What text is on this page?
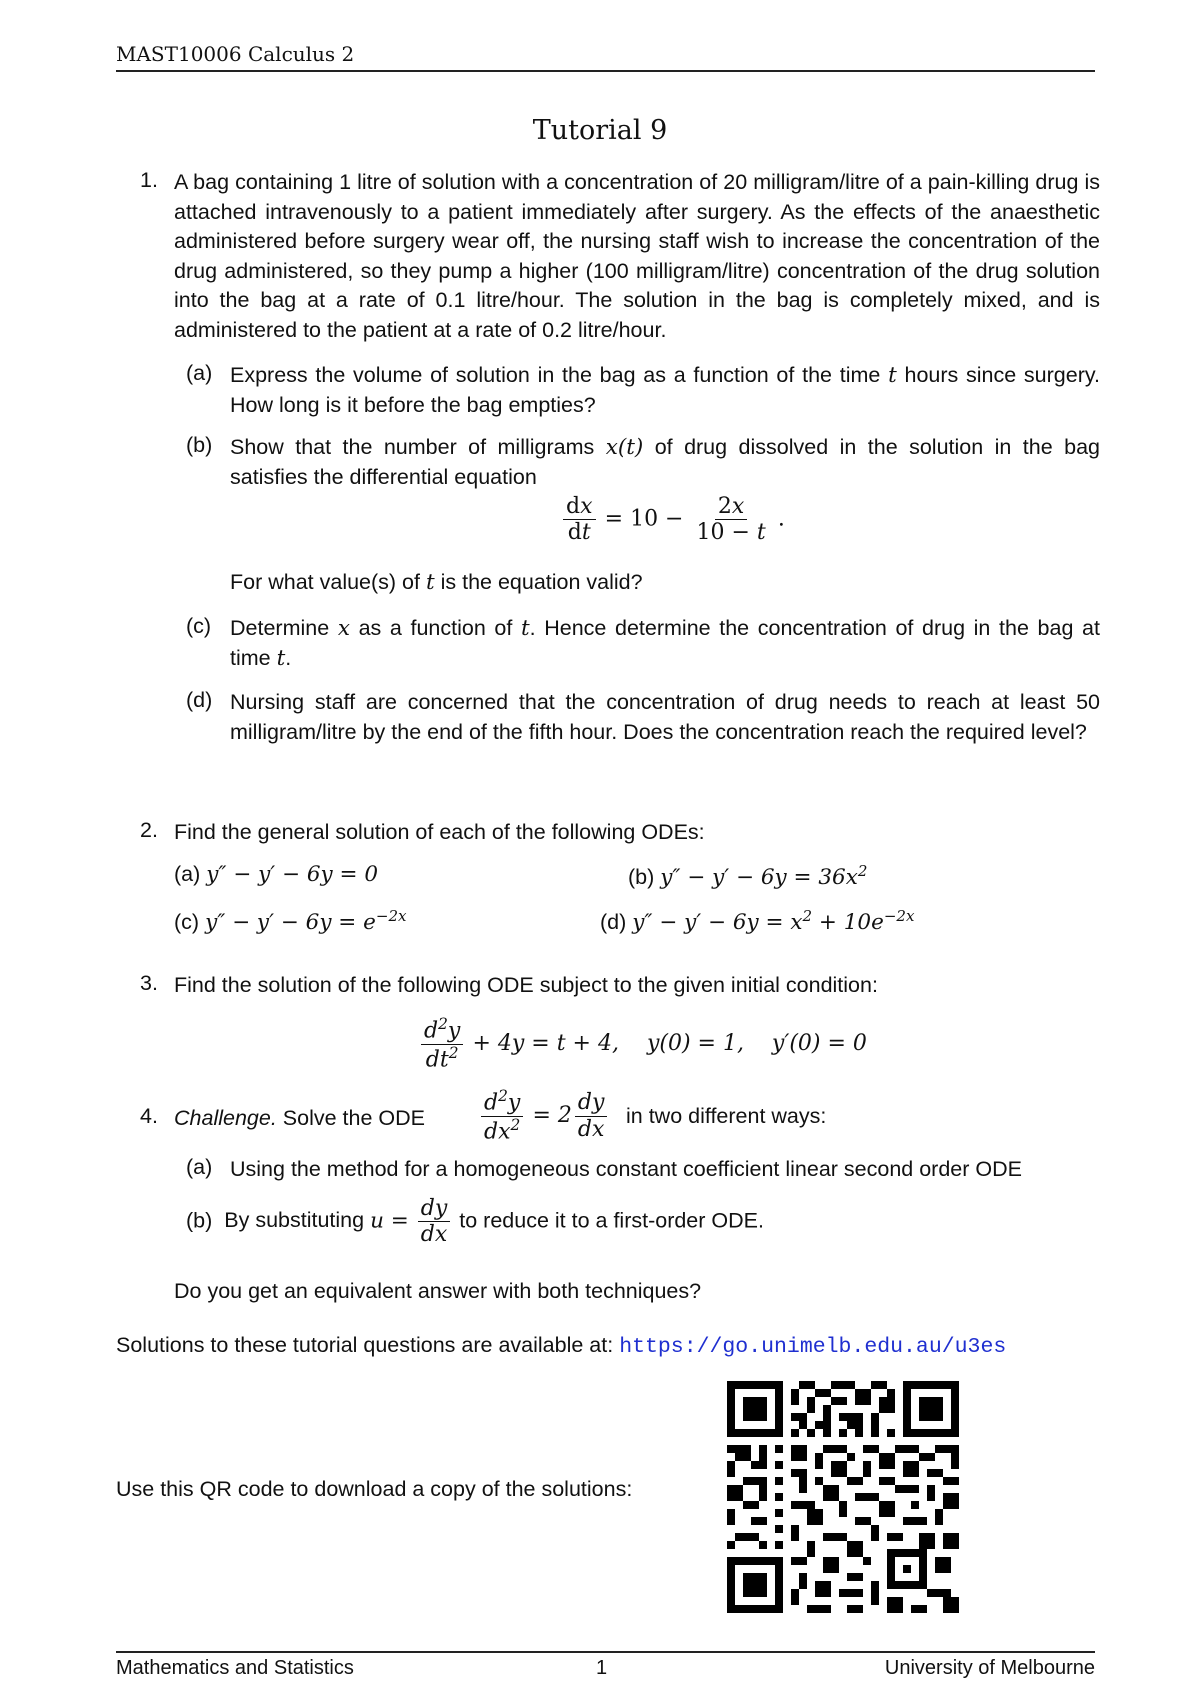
MAST10006 Calculus 2
Tutorial 9
1. A bag containing 1 litre of solution with a concentration of 20 milligram/litre of a pain-killing drug is attached intravenously to a patient immediately after surgery. As the effects of the anaesthetic administered before surgery wear off, the nursing staff wish to increase the concentration of the drug administered, so they pump a higher (100 milligram/litre) concentration of the drug solution into the bag at a rate of 0.1 litre/hour. The solution in the bag is completely mixed, and is administered to the patient at a rate of 0.2 litre/hour.
(a) Express the volume of solution in the bag as a function of the time t hours since surgery. How long is it before the bag empties?
(b) Show that the number of milligrams x(t) of drug dissolved in the solution in the bag satisfies the differential equation
$\frac{dx}{dt} = 10 - \frac{2x}{10 - t}$ .
For what value(s) of t is the equation valid?
(c) Determine x as a function of t. Hence determine the concentration of drug in the bag at time t.
(d) Nursing staff are concerned that the concentration of drug needs to reach at least 50 milligram/litre by the end of the fifth hour. Does the concentration reach the required level?
2. Find the general solution of each of the following ODEs:
(a) y″ − y′ − 6y = 0	(b) $y'' - y' - 6y = 36x^2$
(c) $y'' - y' - 6y = e^{-2x}$	(d) $y'' - y' - 6y = x^2 + 10e^{-2x}$
3. Find the solution of the following ODE subject to the given initial condition:
$\frac{d^2y}{dt^2} + 4y = t + 4$,    y(0) = 1,    y′(0) = 0
4. Challenge. Solve the ODE	$\frac{d^2y}{dx^2} = 2 \frac{dy}{dx}$ in two different ways:
(a) Using the method for a homogeneous constant coefficient linear second order ODE
(b) By substituting $u = \frac{dy}{dx}$ to reduce it to a first-order ODE.
Do you get an equivalent answer with both techniques?
Solutions to these tutorial questions are available at: https://go.unimelb.edu.au/u3es
Use this QR code to download a copy of the solutions:
Mathematics and Statistics	1	University of Melbourne
